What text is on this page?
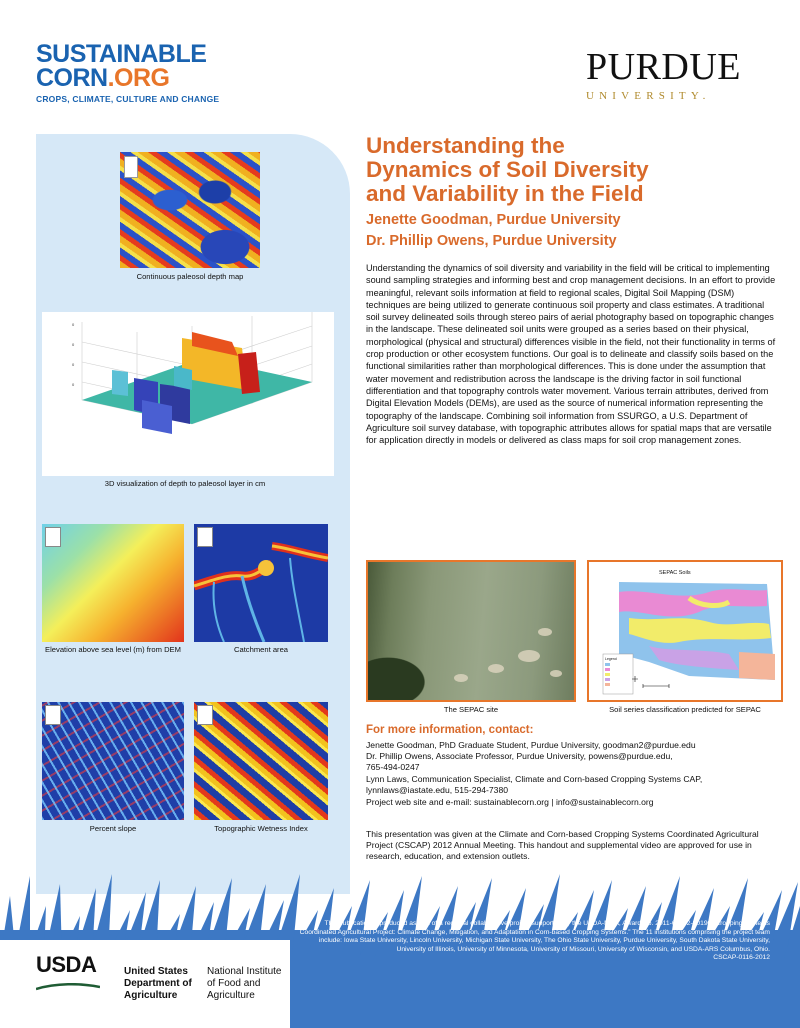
SUSTAINABLE
CORN.ORG
CROPS, CLIMATE, CULTURE AND CHANGE
PURDUE
UNIVERSITY.
Continuous paleosol depth map
0
0
0
0
3D visualization of depth to paleosol layer in cm
Elevation above sea level (m) from DEM	Catchment area
Percent slope	Topographic Wetness Index
Understanding the
Dynamics of Soil Diversity
and Variability in the Field
Jenette Goodman, Purdue University
Dr. Phillip Owens, Purdue University
Understanding the dynamics of soil diversity and variability in the field will be critical to implementing sound sampling strategies and informing best and crop management decisions. In an effort to provide meaningful, relevant soils information at field to regional scales, Digital Soil Mapping (DSM) techniques are being utilized to generate continuous soil property and class estimates. A traditional soil survey delineated soils through stereo pairs of aerial photography based on topographic changes in the landscape. These delineated soil units were grouped as a series based on their physical, morphological (physical and structural) differences visible in the field, not their functionality in terms of crop production or other ecosystem functions. Our goal is to delineate and classify soils based on the functional similarities rather than morphological differences. This is done under the assumption that water movement and redistribution across the landscape is the driving factor in soil functional differentiation and that topography controls water movement. Various terrain attributes, derived from Digital Elevation Models (DEMs), are used as the source of numerical information representing the topography of the landscape. Combining soil information from SSURGO, a U.S. Department of Agriculture soil survey database, with topographic attributes allows for spatial maps that are versatile for application directly in models or delivered as class maps for soil crop management zones.
The SEPAC site
SEPAC Soils
Legend
Soil series classification predicted for SEPAC
For more information, contact:
Jenette Goodman, PhD Graduate Student, Purdue University, goodman2@purdue.edu
Dr. Phillip Owens, Associate Professor, Purdue University, powens@purdue.edu,
765-494-0247
Lynn Laws, Communication Specialist, Climate and Corn-based Cropping Systems CAP,
lynnlaws@iastate.edu, 515-294-7380
Project web site and e-mail: sustainablecorn.org | info@sustainablecorn.org
This presentation was given at the Climate and Corn-based Cropping Systems Coordinated Agricultural Project (CSCAP) 2012 Annual Meeting. This handout and supplemental video are approved for use in research, education, and extension outlets.
This publication is produced as part of a regional collaborative project supported by the USDA-NIFA, Award No. 2011-68002-30190 “Cropping Systems Coordinated Agricultural Project: Climate Change, Mitigation, and Adaptation in Corn-based Cropping Systems.” The 11 institutions comprising the project team include: Iowa State University, Lincoln University, Michigan State University, The Ohio State University, Purdue University, South Dakota State University, University of Illinois, University of Minnesota, University of Missouri, University of Wisconsin, and USDA-ARS Columbus, Ohio.
CSCAP-0116-2012
USDA	United States
Department of
Agriculture
National Institute
of Food and
Agriculture
